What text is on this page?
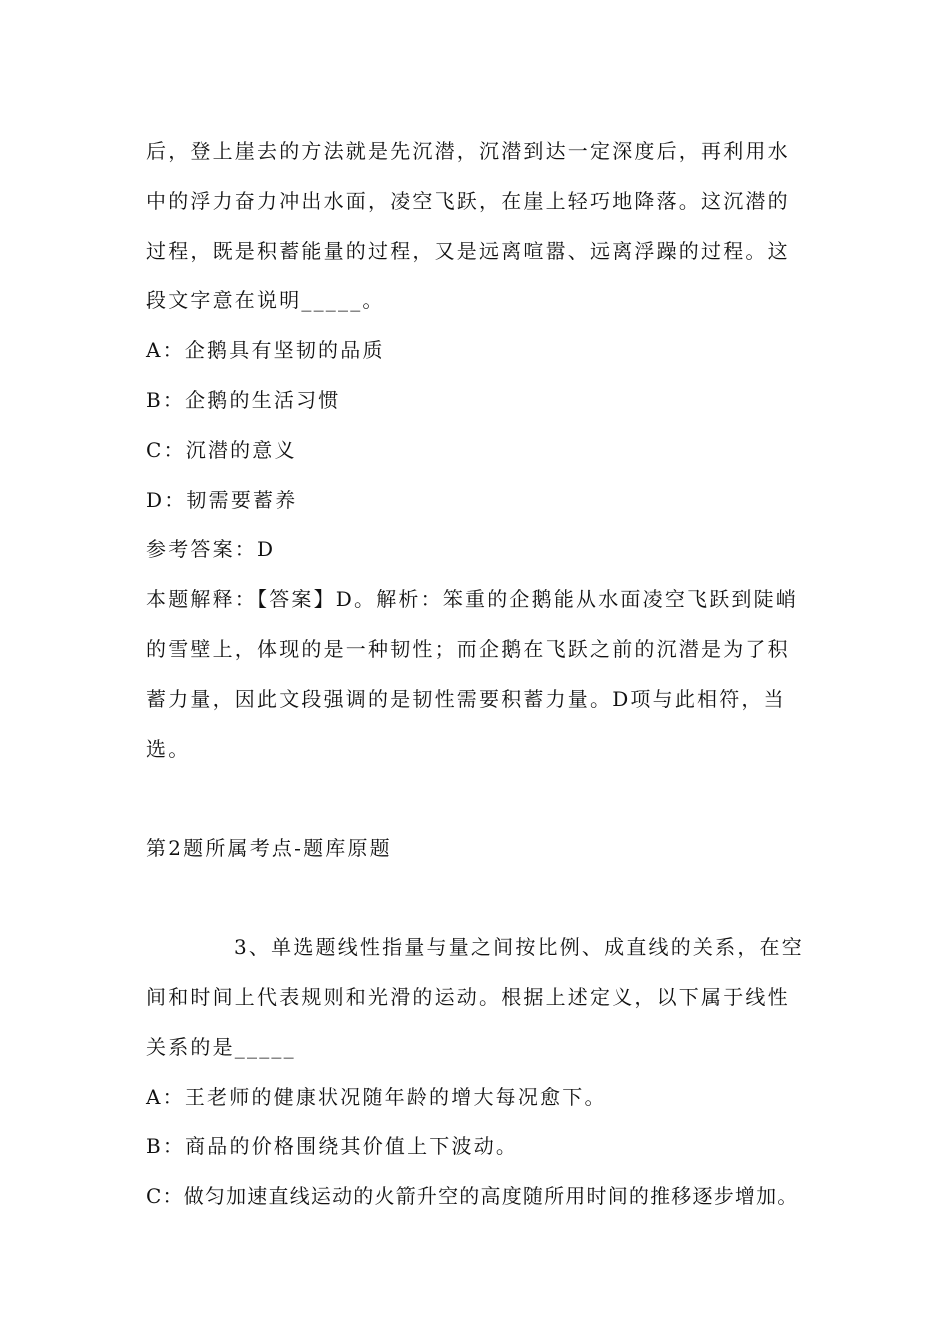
后，登上崖去的方法就是先沉潜，沉潜到达一定深度后，再利用水
中的浮力奋力冲出水面，凌空飞跃，在崖上轻巧地降落。这沉潜的
过程，既是积蓄能量的过程，又是远离喧嚣、远离浮躁的过程。这
段文字意在说明_____。
A：企鹅具有坚韧的品质
B：企鹅的生活习惯
C：沉潜的意义
D：韧需要蓄养
参考答案：D
本题解释：【答案】D。解析：笨重的企鹅能从水面凌空飞跃到陡峭
的雪壁上，体现的是一种韧性；而企鹅在飞跃之前的沉潜是为了积
蓄力量，因此文段强调的是韧性需要积蓄力量。D项与此相符，当
选。
第2题所属考点-题库原题
3、单选题线性指量与量之间按比例、成直线的关系，在空
间和时间上代表规则和光滑的运动。根据上述定义，以下属于线性
关系的是_____
A：王老师的健康状况随年龄的增大每况愈下。
B：商品的价格围绕其价值上下波动。
C：做匀加速直线运动的火箭升空的高度随所用时间的推移逐步增加。
